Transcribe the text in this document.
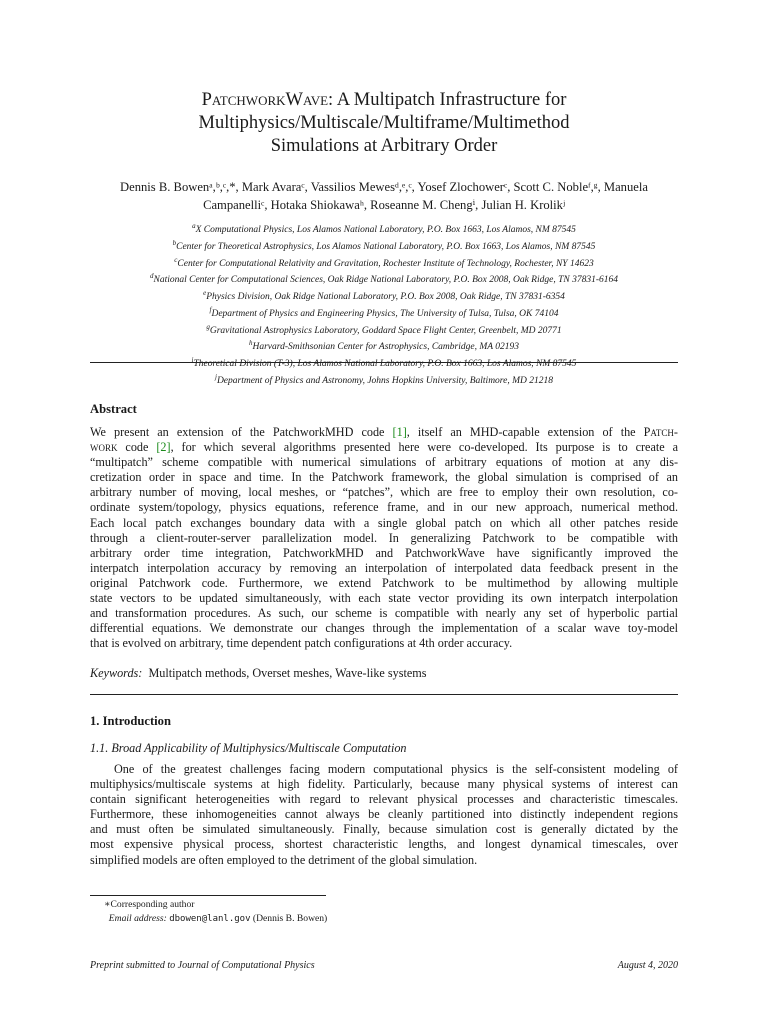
PatchworkWave: A Multipatch Infrastructure for
Multiphysics/Multiscale/Multiframe/Multimethod
Simulations at Arbitrary Order
Dennis B. Bowenᵃ,ᵇ,ᶜ,*, Mark Avaraᶜ, Vassilios Mewesᵈ,ᵉ,ᶜ, Yosef Zlochowerᶜ, Scott C. Nobleᶠ,ᵍ, Manuela
Campanelliᶜ, Hotaka Shiokawaʰ, Roseanne M. Chengⁱ, Julian H. Krolikʲ
$^a$X Computational Physics, Los Alamos National Laboratory, P.O. Box 1663, Los Alamos, NM 87545
$^b$Center for Theoretical Astrophysics, Los Alamos National Laboratory, P.O. Box 1663, Los Alamos, NM 87545
$^c$Center for Computational Relativity and Gravitation, Rochester Institute of Technology, Rochester, NY 14623
$^d$National Center for Computational Sciences, Oak Ridge National Laboratory, P.O. Box 2008, Oak Ridge, TN 37831-6164
$^e$Physics Division, Oak Ridge National Laboratory, P.O. Box 2008, Oak Ridge, TN 37831-6354
$^f$Department of Physics and Engineering Physics, The University of Tulsa, Tulsa, OK 74104
$^g$Gravitational Astrophysics Laboratory, Goddard Space Flight Center, Greenbelt, MD 20771
$^h$Harvard-Smithsonian Center for Astrophysics, Cambridge, MA 02193
$^i$Theoretical Division (T-3), Los Alamos National Laboratory, P.O. Box 1663, Los Alamos, NM 87545
$^j$Department of Physics and Astronomy, Johns Hopkins University, Baltimore, MD 21218
Abstract
We present an extension of the PatchworkMHD code [1], itself an MHD-capable extension of the Patch-
work code [2], for which several algorithms presented here were co-developed. Its purpose is to create a
“multipatch” scheme compatible with numerical simulations of arbitrary equations of motion at any dis-
cretization order in space and time. In the Patchwork framework, the global simulation is comprised of an
arbitrary number of moving, local meshes, or “patches”, which are free to employ their own resolution, co-
ordinate system/topology, physics equations, reference frame, and in our new approach, numerical method.
Each local patch exchanges boundary data with a single global patch on which all other patches reside
through a client-router-server parallelization model. In generalizing Patchwork to be compatible with
arbitrary order time integration, PatchworkMHD and PatchworkWave have significantly improved the
interpatch interpolation accuracy by removing an interpolation of interpolated data feedback present in the
original Patchwork code. Furthermore, we extend Patchwork to be multimethod by allowing multiple
state vectors to be updated simultaneously, with each state vector providing its own interpatch interpolation
and transformation procedures. As such, our scheme is compatible with nearly any set of hyperbolic partial
differential equations. We demonstrate our changes through the implementation of a scalar wave toy-model
that is evolved on arbitrary, time dependent patch configurations at 4th order accuracy.
Keywords: Multipatch methods, Overset meshes, Wave-like systems
1. Introduction
1.1. Broad Applicability of Multiphysics/Multiscale Computation
One of the greatest challenges facing modern computational physics is the self-consistent modeling of
multiphysics/multiscale systems at high fidelity. Particularly, because many physical systems of interest can
contain significant heterogeneities with regard to relevant physical processes and characteristic timescales.
Furthermore, these inhomogeneities cannot always be cleanly partitioned into distinctly independent regions
and must often be simulated simultaneously. Finally, because simulation cost is generally dictated by the
most expensive physical process, shortest characteristic lengths, and longest dynamical timescales, over
simplified models are often employed to the detriment of the global simulation.
∗Corresponding author
Email address: dbowen@lanl.gov (Dennis B. Bowen)
Preprint submitted to Journal of Computational Physics	August 4, 2020
